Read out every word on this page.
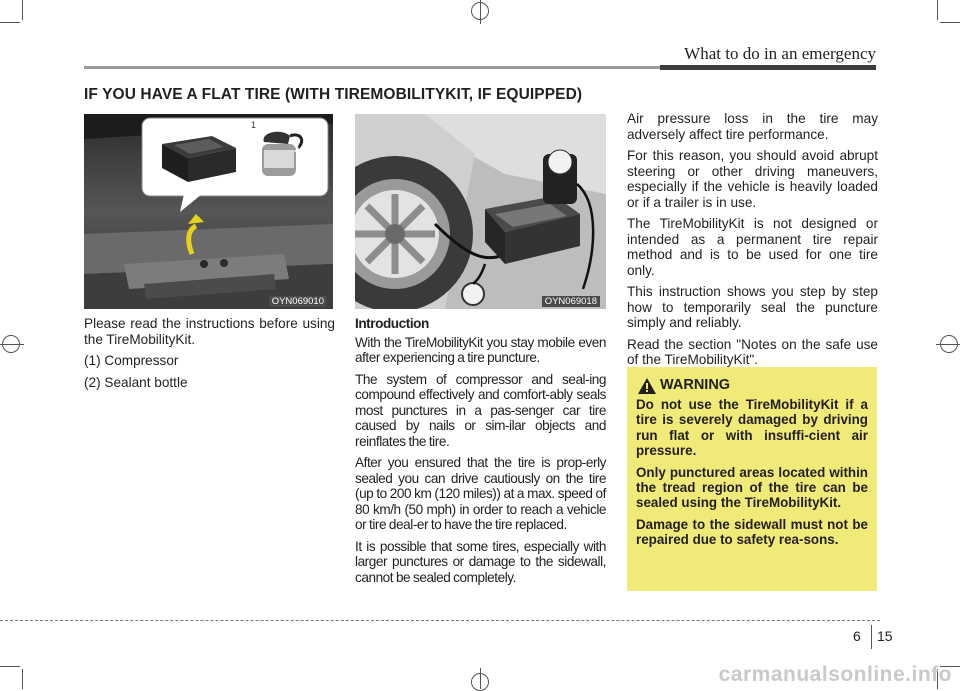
What to do in an emergency
IF YOU HAVE A FLAT TIRE (WITH TIREMOBILITYKIT, IF EQUIPPED)
1
2
OYN069010	OYN069018

Please read the instructions before using the TireMobilityKit.

(1) Compressor
(2) Sealant bottle
Introduction

With the TireMobilityKit you stay mobile even after experiencing a tire puncture.

The system of compressor and seal-ing compound effectively and comfort-ably seals most punctures in a pas-senger car tire caused by nails or sim-ilar objects and reinflates the tire.

After you ensured that the tire is prop-erly sealed you can drive cautiously on the tire (up to 200 km (120 miles)) at a max. speed of 80 km/h (50 mph) in order to reach a vehicle or tire deal-er to have the tire replaced.

It is possible that some tires, especially with larger punctures or damage to the sidewall, cannot be sealed completely.

Air pressure loss in the tire may adversely affect tire performance.

For this reason, you should avoid abrupt steering or other driving maneuvers, especially if the vehicle is heavily loaded or if a trailer is in use.

The TireMobilityKit is not designed or intended as a permanent tire repair method and is to be used for one tire only.

This instruction shows you step by step how to temporarily seal the puncture simply and reliably.

Read the section "Notes on the safe use of the TireMobilityKit".

WARNING

Do not use the TireMobilityKit if a tire is severely damaged by driving run flat or with insuffi-cient air pressure.

Only punctured areas located within the tread region of the tire can be sealed using the TireMobilityKit.

Damage to the sidewall must not be repaired due to safety rea-sons.

6 15
carmanualsonline.info
